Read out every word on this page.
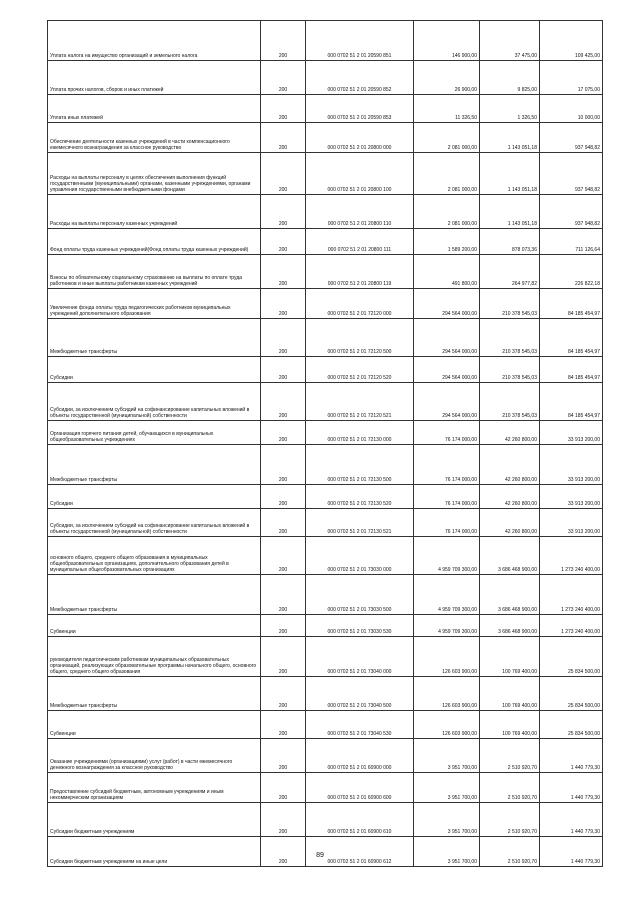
Уплата налога на имущество организаций и земельного налога	200	000 0702 51 2 01 20590 851	146 900,00	37 475,00	109 425,00
Уплата прочих налогов, сборов и иных платежей	200	000 0702 51 2 01 20590 852	26 900,00	9 825,00	17 075,00
Уплата иных платежей	200	000 0702 51 2 01 20590 853	11 326,50	1 326,50	10 000,00
Обеспечение деятельности казенных учреждений в части компенсационного ежемесячного вознаграждения за классное руководство	200	000 0702 51 2 01 20800 000	2 081 000,00	1 143 051,18	937 948,82
Расходы на выплаты персоналу в целях обеспечения выполнения функций государственными (муниципальными) органами, казенными учреждениями, органами управления государственными внебюджетными фондами	200	000 0702 51 2 01 20800 100	2 081 000,00	1 143 051,18	937 948,82
Расходы на выплаты персоналу казенных учреждений	200	000 0702 51 2 01 20800 110	2 081 000,00	1 143 051,18	937 948,82
Фонд оплаты труда казенных учреждений(Фонд оплаты труда казенных учреждений)	200	000 0702 51 2 01 20800 111	1 589 200,00	878 073,36	711 126,64
Взносы по обязательному социальному страхованию на выплаты по оплате труда работников и иные выплаты работникам казенных учреждений	200	000 0702 51 2 01 20800 119	491 800,00	264 977,82	226 822,18
Увеличение фонда оплаты труда педагогических работников муниципальных учреждений дополнительного образования	200	000 0702 51 2 01 72120 000	294 564 000,00	210 378 545,03	84 185 454,97
Межбюджетные трансферты	200	000 0702 51 2 01 72120 500	294 564 000,00	210 378 545,03	84 185 454,97
Субсидии	200	000 0702 51 2 01 72120 520	294 564 000,00	210 378 545,03	84 185 454,97
Субсидии, за исключением субсидий на софинансирование капитальных вложений в объекты государственной (муниципальной) собственности	200	000 0702 51 2 01 72120 521	294 564 000,00	210 378 545,03	84 185 454,97
Организация горячего питания детей, обучающихся в муниципальных общеобразовательных учреждениях	200	000 0702 51 2 01 72130 000	76 174 000,00	42 260 800,00	33 913 200,00
Межбюджетные трансферты	200	000 0702 51 2 01 72130 500	76 174 000,00	42 260 800,00	33 913 200,00
Субсидии	200	000 0702 51 2 01 72130 520	76 174 000,00	42 260 800,00	33 913 200,00
Субсидии, за исключением субсидий на софинансирование капитальных вложений в объекты государственной (муниципальной) собственности	200	000 0702 51 2 01 72130 521	76 174 000,00	42 260 800,00	33 913 200,00
основного общего, среднего общего образования в муниципальных общеобразовательных организациях, дополнительного образования детей в муниципальных общеобразовательных организациях	200	000 0702 51 2 01 73030 000	4 959 709 300,00	3 686 468 900,00	1 273 240 400,00
Межбюджетные трансферты	200	000 0702 51 2 01 73030 500	4 959 709 300,00	3 686 468 900,00	1 273 240 400,00
Субвенции	200	000 0702 51 2 01 73030 530	4 959 709 300,00	3 686 468 900,00	1 273 240 400,00
руководителя педагогическим работникам муниципальных образовательных организаций, реализующих образовательные программы начального общего, основного общего, среднего общего образования	200	000 0702 51 2 01 73040 000	126 603 900,00	100 769 400,00	25 834 500,00
Межбюджетные трансферты	200	000 0702 51 2 01 73040 500	126 603 900,00	100 769 400,00	25 834 500,00
Субвенции	200	000 0702 51 2 01 73040 530	126 603 900,00	100 769 400,00	25 834 500,00
Оказание учреждениями (организациями) услуг (работ) в части ежемесячного денежного вознаграждения за классное руководство	200	000 0702 51 2 01 60900 000	3 951 700,00	2 510 920,70	1 440 779,30
Предоставление субсидий бюджетным, автономным учреждениям и иным некоммерческим организациям	200	000 0702 51 2 01 60900 600	3 951 700,00	2 510 920,70	1 440 779,30
Субсидии бюджетным учреждениям	200	000 0702 51 2 01 60900 610	3 951 700,00	2 510 920,70	1 440 779,30
Субсидии бюджетным учреждениям на иные цели	200	000 0702 51 2 01 60900 612	3 951 700,00	2 510 920,70	1 440 779,30
89
